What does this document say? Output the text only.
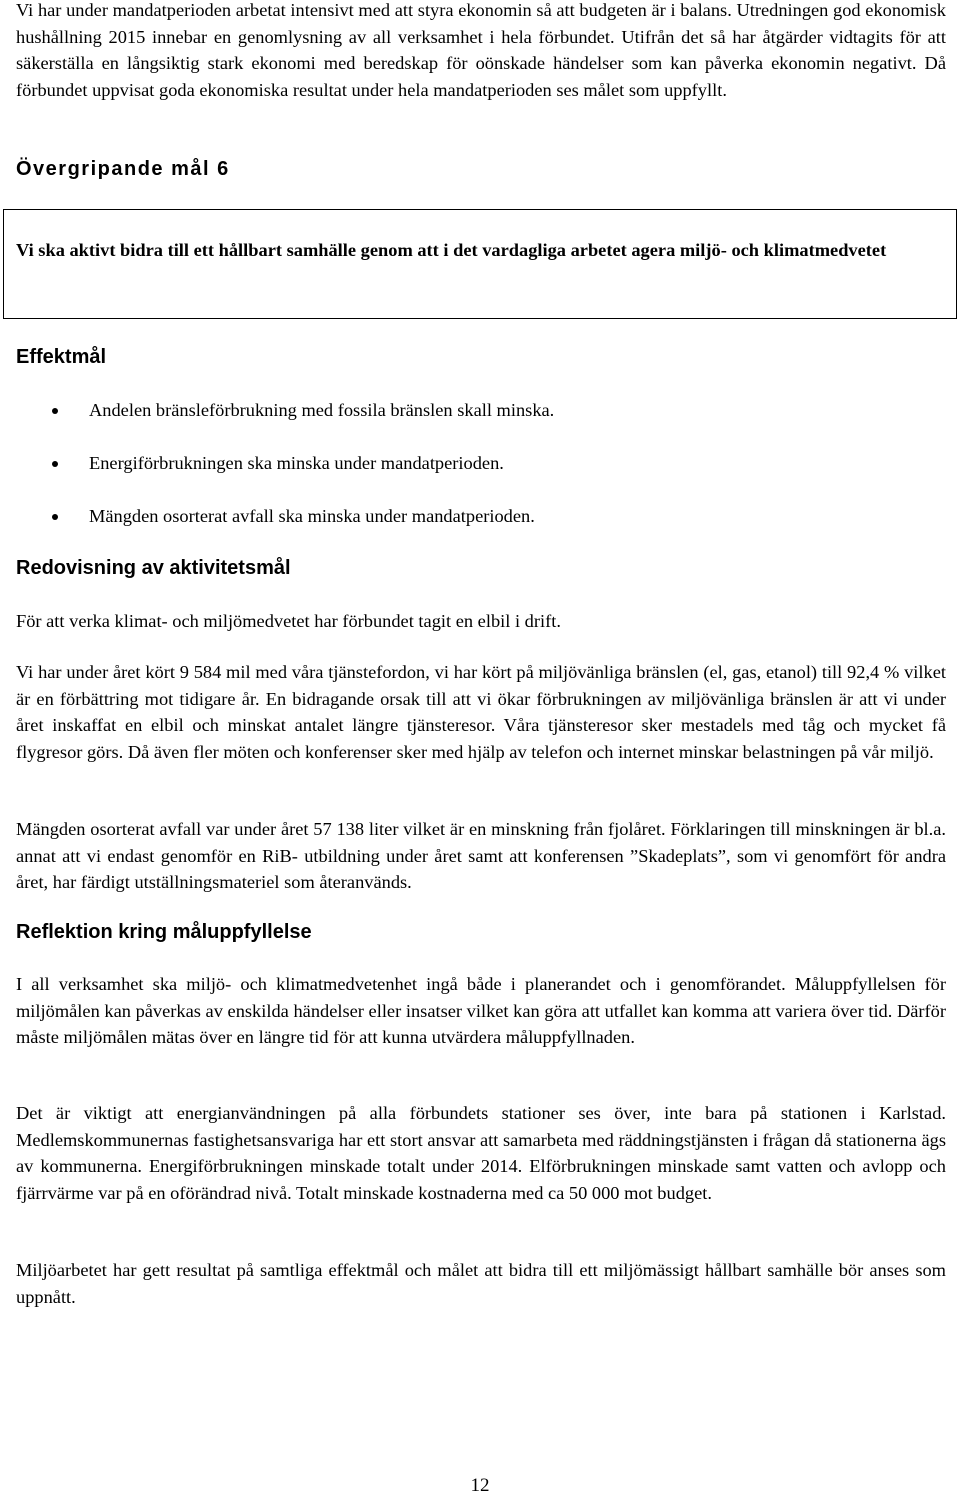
Vi har under mandatperioden arbetat intensivt med att styra ekonomin så att budgeten är i balans. Utredningen god ekonomisk hushållning 2015 innebar en genomlysning av all verksamhet i hela förbundet. Utifrån det så har åtgärder vidtagits för att säkerställa en långsiktig stark ekonomi med beredskap för oönskade händelser som kan påverka ekonomin negativt. Då förbundet uppvisat goda ekonomiska resultat under hela mandatperioden ses målet som uppfyllt.

Övergripande mål 6

Vi ska aktivt bidra till ett hållbart samhälle genom att i det vardagliga arbetet agera miljö- och klimatmedvetet

Effektmål

Andelen bränsleförbrukning med fossila bränslen skall minska.
Energiförbrukningen ska minska under mandatperioden.
Mängden osorterat avfall ska minska under mandatperioden.

Redovisning av aktivitetsmål

För att verka klimat- och miljömedvetet har förbundet tagit en elbil i drift.

Vi har under året kört 9 584 mil med våra tjänstefordon, vi har kört på miljövänliga bränslen (el, gas, etanol) till 92,4 % vilket är en förbättring mot tidigare år. En bidragande orsak till att vi ökar förbrukningen av miljövänliga bränslen är att vi under året inskaffat en elbil och minskat antalet längre tjänsteresor. Våra tjänsteresor sker mestadels med tåg och mycket få flygresor görs. Då även fler möten och konferenser sker med hjälp av telefon och internet minskar belastningen på vår miljö.

Mängden osorterat avfall var under året 57 138 liter vilket är en minskning från fjolåret. Förklaringen till minskningen är bl.a. annat att vi endast genomför en RiB- utbildning under året samt att konferensen ”Skadeplats”, som vi genomfört för andra året, har färdigt utställningsmateriel som återanvänds.

Reflektion kring måluppfyllelse

I all verksamhet ska miljö- och klimatmedvetenhet ingå både i planerandet och i genomförandet. Måluppfyllelsen för miljömålen kan påverkas av enskilda händelser eller insatser vilket kan göra att utfallet kan komma att variera över tid. Därför måste miljömålen mätas över en längre tid för att kunna utvärdera måluppfyllnaden.

Det är viktigt att energianvändningen på alla förbundets stationer ses över, inte bara på stationen i Karlstad. Medlemskommunernas fastighetsansvariga har ett stort ansvar att samarbeta med räddningstjänsten i frågan då stationerna ägs av kommunerna. Energiförbrukningen minskade totalt under 2014. Elförbrukningen minskade samt vatten och avlopp och fjärrvärme var på en oförändrad nivå. Totalt minskade kostnaderna med ca 50 000 mot budget.

Miljöarbetet har gett resultat på samtliga effektmål och målet att bidra till ett miljömässigt hållbart samhälle bör anses som uppnått.

12
